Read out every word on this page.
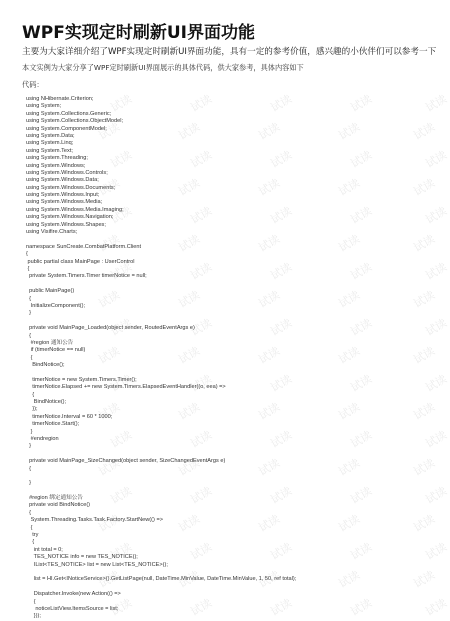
WPF实现定时刷新UI界面功能
主要为大家详细介绍了WPF实现定时刷新UI界面功能，具有一定的参考价值，感兴趣的小伙伴们可以参考一下
本文实例为大家分享了WPF定时刷新UI界面展示的具体代码，供大家参考，具体内容如下
代码：
using NHibernate.Criterion;
using System;
using System.Collections.Generic;
using System.Collections.ObjectModel;
using System.ComponentModel;
using System.Data;
using System.Linq;
using System.Text;
using System.Threading;
using System.Windows;
using System.Windows.Controls;
using System.Windows.Data;
using System.Windows.Documents;
using System.Windows.Input;
using System.Windows.Media;
using System.Windows.Media.Imaging;
using System.Windows.Navigation;
using System.Windows.Shapes;
using Visifire.Charts;

namespace SunCreate.CombatPlatform.Client
{
public partial class MainPage : UserControl
{
private System.Timers.Timer timerNotice = null;

public MainPage()
{
InitializeComponent();
}

private void MainPage_Loaded(object sender, RoutedEventArgs e)
{
#region 通知公告
if (timerNotice == null)
{
BindNotice();

timerNotice = new System.Timers.Timer();
timerNotice.Elapsed += new System.Timers.ElapsedEventHandler((o, eea) =>
{
BindNotice();
});
timerNotice.Interval = 60 * 1000;
timerNotice.Start();
}
#endregion
}

private void MainPage_SizeChanged(object sender, SizeChangedEventArgs e)
{

}

#region 绑定通知公告
private void BindNotice()
{
System.Threading.Tasks.Task.Factory.StartNew(() =>
{
try
{
int total = 0;
TES_NOTICE info = new TES_NOTICE();
IList<TES_NOTICE> list = new List<TES_NOTICE>();

list = HI.Get<INoticeService>().GetListPage(null, DateTime.MinValue, DateTime.MinValue, 1, 50, ref total);

Dispatcher.Invoke(new Action(() =>
{
noticeListView.ItemsSource = list;
}));
试读	试读	试读	试读	试读
试读	试读	试读	试读	试读
试读	试读	试读	试读	试读
试读	试读	试读	试读	试读
试读	试读	试读	试读	试读
试读	试读	试读	试读	试读
试读	试读	试读	试读	试读
试读	试读	试读	试读	试读
试读	试读	试读	试读	试读
试读	试读	试读	试读	试读
试读	试读	试读	试读	试读
试读	试读	试读	试读	试读
试读	试读	试读	试读	试读
试读	试读	试读	试读	试读
试读	试读	试读	试读	试读
试读	试读	试读	试读	试读
试读	试读	试读	试读	试读
试读	试读	试读	试读	试读
试读	试读	试读	试读	试读
